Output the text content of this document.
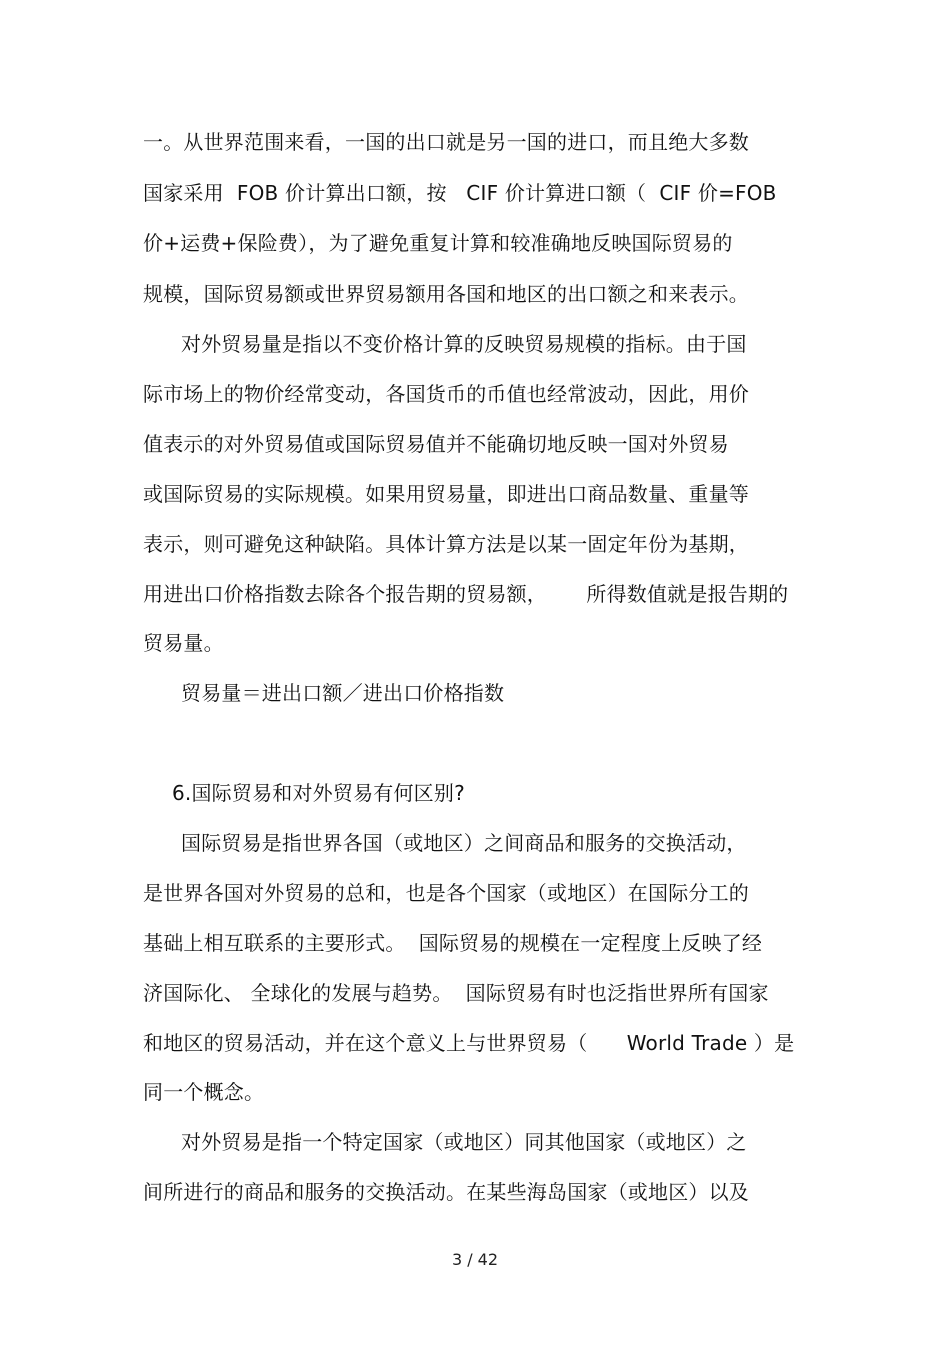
一。从世界范围来看，一国的出口就是另一国的进口，而且绝大多数
国家采用  FOB 价计算出口额，按   CIF 价计算进口额（  CIF 价=FOB
价+运费+保险费），为了避免重复计算和较准确地反映国际贸易的
规模，国际贸易额或世界贸易额用各国和地区的出口额之和来表示。
对外贸易量是指以不变价格计算的反映贸易规模的指标。由于国
际市场上的物价经常变动，各国货币的币值也经常波动，因此，用价
值表示的对外贸易值或国际贸易值并不能确切地反映一国对外贸易
或国际贸易的实际规模。如果用贸易量，即进出口商品数量、重量等
表示，则可避免这种缺陷。具体计算方法是以某一固定年份为基期，
用进出口价格指数去除各个报告期的贸易额，      所得数值就是报告期的
贸易量。
贸易量＝进出口额／进出口价格指数
6.国际贸易和对外贸易有何区别?
国际贸易是指世界各国（或地区）之间商品和服务的交换活动，
是世界各国对外贸易的总和，也是各个国家（或地区）在国际分工的
基础上相互联系的主要形式。  国际贸易的规模在一定程度上反映了经
济国际化、 全球化的发展与趋势。  国际贸易有时也泛指世界所有国家
和地区的贸易活动，并在这个意义上与世界贸易（      World Trade ）是
同一个概念。
对外贸易是指一个特定国家（或地区）同其他国家（或地区）之
间所进行的商品和服务的交换活动。在某些海岛国家（或地区）以及
3 / 42
